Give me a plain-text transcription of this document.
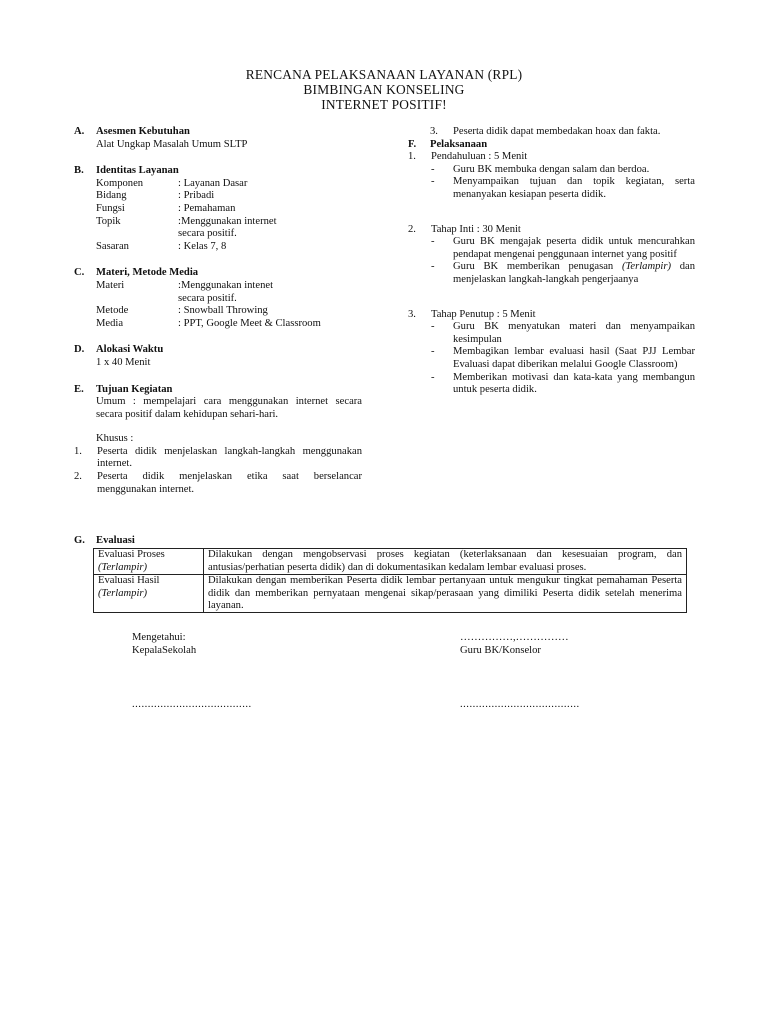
RENCANA PELAKSANAAN LAYANAN (RPL)
BIMBINGAN KONSELING
INTERNET POSITIF!
A. Asesmen Kebutuhan
Alat Ungkap Masalah Umum SLTP
B. Identitas Layanan
Komponen	: Layanan Dasar
Bidang	: Pribadi
Fungsi	: Pemahaman
Topik	:Menggunakan internet
secara positif.
Sasaran	: Kelas 7, 8
C. Materi, Metode Media
Materi	:Menggunakan intenet
secara positif.
Metode	: Snowball Throwing
Media	: PPT, Google Meet & Classroom
D. Alokasi Waktu
1 x 40 Menit
E. Tujuan Kegiatan
Umum : mempelajari cara menggunakan internet secara secara positif dalam kehidupan sehari-hari.
Khusus :
1. Peserta didik menjelaskan langkah-langkah menggunakan internet.
2. Peserta didik menjelaskan etika saat berselancar menggunakan internet.
3. Peserta didik dapat membedakan hoax dan fakta.
F. Pelaksanaan
1. Pendahuluan : 5 Menit
- Guru BK membuka dengan salam dan berdoa.
- Menyampaikan tujuan dan topik kegiatan, serta menanyakan kesiapan peserta didik.
2. Tahap Inti : 30 Menit
- Guru BK mengajak peserta didik untuk mencurahkan pendapat mengenai penggunaan internet yang positif
- Guru BK memberikan penugasan (Terlampir) dan menjelaskan langkah-langkah pengerjaanya
3. Tahap Penutup : 5 Menit
- Guru BK menyatukan materi dan menyampaikan kesimpulan
- Membagikan lembar evaluasi hasil (Saat PJJ Lembar Evaluasi dapat diberikan melalui Google Classroom)
- Memberikan motivasi dan kata-kata yang membangun untuk peserta didik.
G. Evaluasi
Evaluasi Proses
(Terlampir)	Dilakukan dengan mengobservasi proses kegiatan (keterlaksanaan dan kesesuaian program, dan antusias/perhatian peserta didik) dan di dokumentasikan kedalam lembar evaluasi proses.

Evaluasi Hasil
(Terlampir)	Dilakukan dengan memberikan Peserta didik lembar pertanyaan untuk mengukur tingkat pemahaman Peserta didik dan memberikan pernyataan mengenai sikap/perasaan yang dimiliki Peserta didik setelah menerima layanan.
Mengetahui:
KepalaSekolah
......................................
……………,……………
Guru BK/Konselor
......................................
